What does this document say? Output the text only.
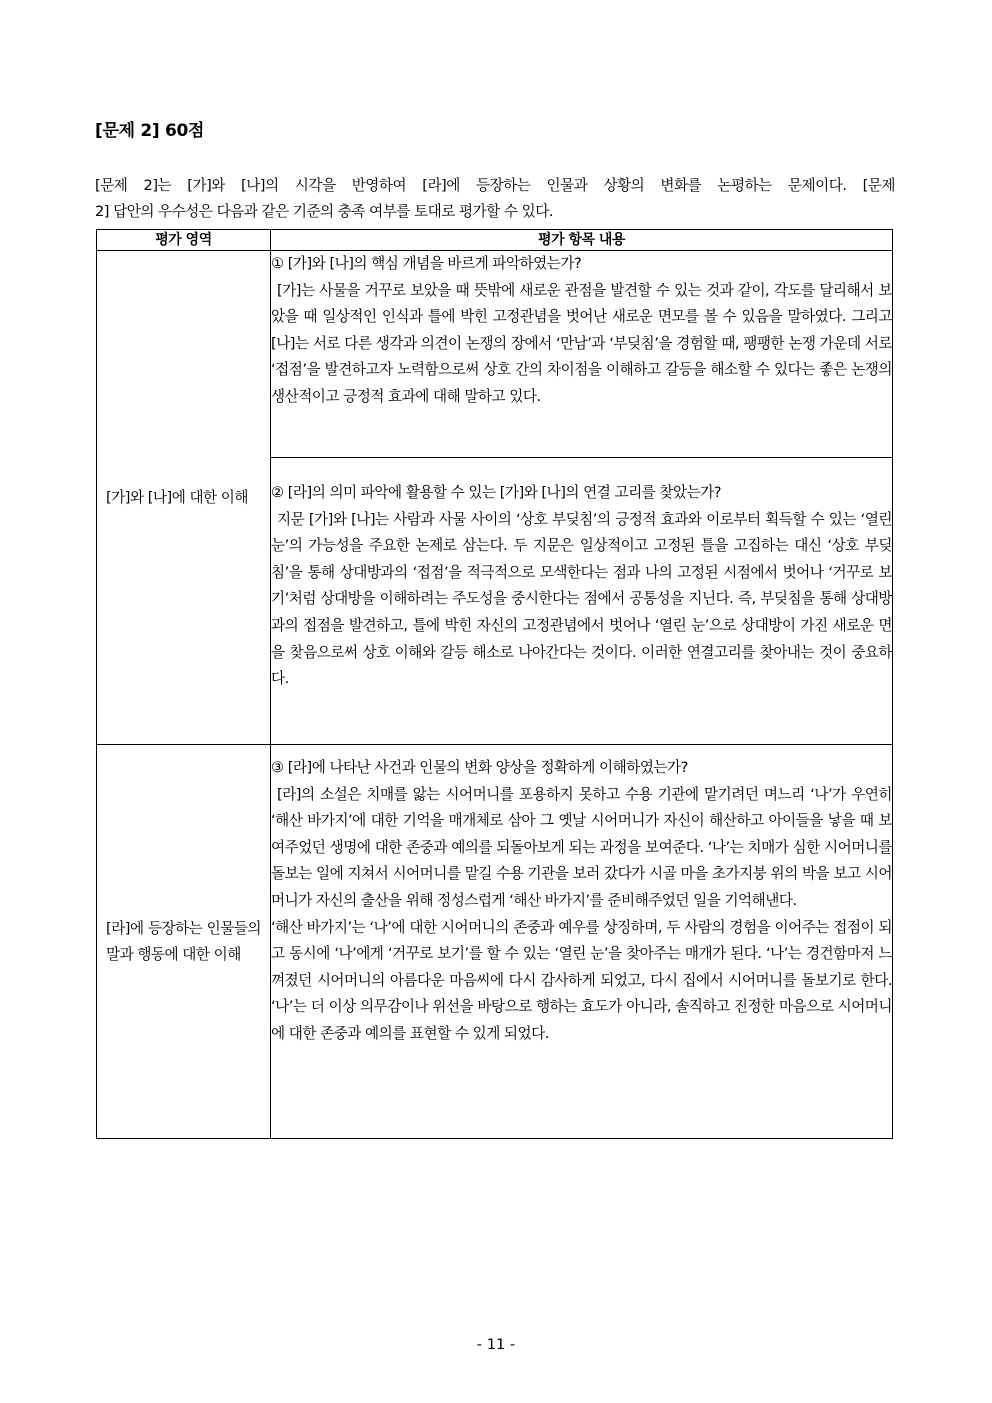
[문제 2] 60점
[문제 2]는 [가]와 [나]의 시각을 반영하여 [라]에 등장하는 인물과 상황의 변화를 논평하는 문제이다. [문제
2] 답안의 우수성은 다음과 같은 기준의 충족 여부를 토대로 평가할 수 있다.
평가 영역	평가 항목 내용
[가]와 [나]에 대한 이해	① [가]와 [나]의 핵심 개념을 바르게 파악하였는가?

[가]는 사물을 거꾸로 보았을 때 뜻밖에 새로운 관점을 발견할 수 있는 것과 같이, 각도를 달리해서 보았을 때 일상적인 인식과 틀에 박힌 고정관념을 벗어난 새로운 면모를 볼 수 있음을 말하였다. 그리고 [나]는 서로 다른 생각과 의견이 논쟁의 장에서 ‘만남’과 ‘부딪침’을 경험할 때, 팽팽한 논쟁 가운데 서로 ‘접점’을 발견하고자 노력함으로써 상호 간의 차이점을 이해하고 갈등을 해소할 수 있다는 좋은 논쟁의 생산적이고 긍정적 효과에 대해 말하고 있다.

	② [라]의 의미 파악에 활용할 수 있는 [가]와 [나]의 연결 고리를 찾았는가?

지문 [가]와 [나]는 사람과 사물 사이의 ‘상호 부딪침’의 긍정적 효과와 이로부터 획득할 수 있는 ‘열린 눈’의 가능성을 주요한 논제로 삼는다. 두 지문은 일상적이고 고정된 틀을 고집하는 대신 ‘상호 부딪침’을 통해 상대방과의 ‘접점’을 적극적으로 모색한다는 점과 나의 고정된 시점에서 벗어나 ‘거꾸로 보기’처럼 상대방을 이해하려는 주도성을 중시한다는 점에서 공통성을 지닌다. 즉, 부딪침을 통해 상대방과의 접점을 발견하고, 틀에 박힌 자신의 고정관념에서 벗어나 ‘열린 눈’으로 상대방이 가진 새로운 면을 찾음으로써 상호 이해와 갈등 해소로 나아간다는 것이다. 이러한 연결고리를 찾아내는 것이 중요하다.

[라]에 등장하는 인물들의 말과 행동에 대한 이해	③ [라]에 나타난 사건과 인물의 변화 양상을 정확하게 이해하였는가?

[라]의 소설은 치매를 앓는 시어머니를 포용하지 못하고 수용 기관에 맡기려던 며느리 ‘나’가 우연히 ‘해산 바가지’에 대한 기억을 매개체로 삼아 그 옛날 시어머니가 자신이 해산하고 아이들을 낳을 때 보여주었던 생명에 대한 존중과 예의를 되돌아보게 되는 과정을 보여준다. ‘나’는 치매가 심한 시어머니를 돌보는 일에 지쳐서 시어머니를 맡길 수용 기관을 보러 갔다가 시골 마을 초가지붕 위의 박을 보고 시어머니가 자신의 출산을 위해 정성스럽게 ‘해산 바가지’를 준비해주었던 일을 기억해낸다.

‘해산 바가지’는 ‘나’에 대한 시어머니의 존중과 예우를 상징하며, 두 사람의 경험을 이어주는 접점이 되고 동시에 ‘나’에게 ‘거꾸로 보기’를 할 수 있는 ‘열린 눈’을 찾아주는 매개가 된다. ‘나’는 경건함마저 느껴졌던 시어머니의 아름다운 마음씨에 다시 감사하게 되었고, 다시 집에서 시어머니를 돌보기로 한다. ‘나’는 더 이상 의무감이나 위선을 바탕으로 행하는 효도가 아니라, 솔직하고 진정한 마음으로 시어머니에 대한 존중과 예의를 표현할 수 있게 되었다.

- 11 -
